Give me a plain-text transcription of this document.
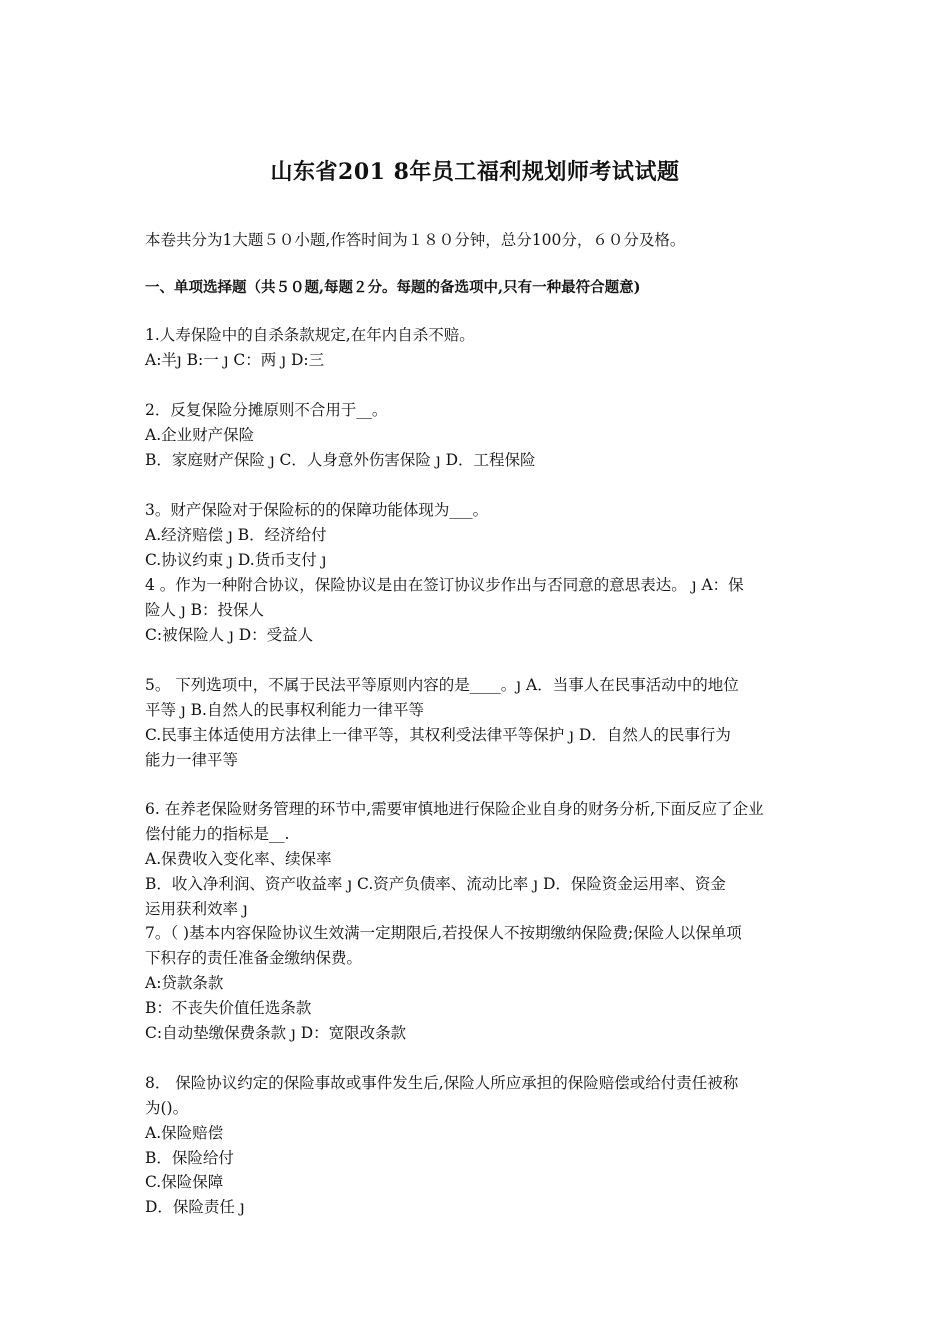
山东省201 8年员工福利规划师考试试题
本卷共分为1大题５０小题,作答时间为１８０分钟，总分100分，６０分及格。
一、单项选择题（共５０题,每题２分。每题的备选项中,只有一种最符合题意)
1.人寿保险中的自杀条款规定,在年内自杀不赔。
A:半ȷ B:一 ȷ C：两 ȷ D:三
2．反复保险分摊原则不合用于__。
A.企业财产保险
B．家庭财产保险 ȷ C．人身意外伤害保险 ȷ D．工程保险
3。财产保险对于保险标的的保障功能体现为___。
A.经济赔偿 ȷ B．经济给付
C.协议约束 ȷ D.货币支付 ȷ
4 。作为一种附合协议，保险协议是由在签订协议步作出与否同意的意思表达。 ȷ A：保
险人 ȷ B：投保人
C:被保险人 ȷ D：受益人
5。 下列选项中，不属于民法平等原则内容的是____。ȷ A．当事人在民事活动中的地位
平等 ȷ B.自然人的民事权利能力一律平等
C.民事主体适使用方法律上一律平等，其权利受法律平等保护 ȷ D．自然人的民事行为
能力一律平等
6. 在养老保险财务管理的环节中,需要审慎地进行保险企业自身的财务分析,下面反应了企业
偿付能力的指标是__.
A.保费收入变化率、续保率
B．收入净利润、资产收益率 ȷ C.资产负债率、流动比率 ȷ D．保险资金运用率、资金
运用获利效率 ȷ
7。（ )基本内容保险协议生效满一定期限后,若投保人不按期缴纳保险费;保险人以保单项
下积存的责任准备金缴纳保费。
A:贷款条款
B：不丧失价值任选条款
C:自动垫缴保费条款 ȷ D：宽限改条款
8． 保险协议约定的保险事故或事件发生后,保险人所应承担的保险赔偿或给付责任被称
为()。
A.保险赔偿
B．保险给付
C.保险保障
D．保险责任 ȷ
